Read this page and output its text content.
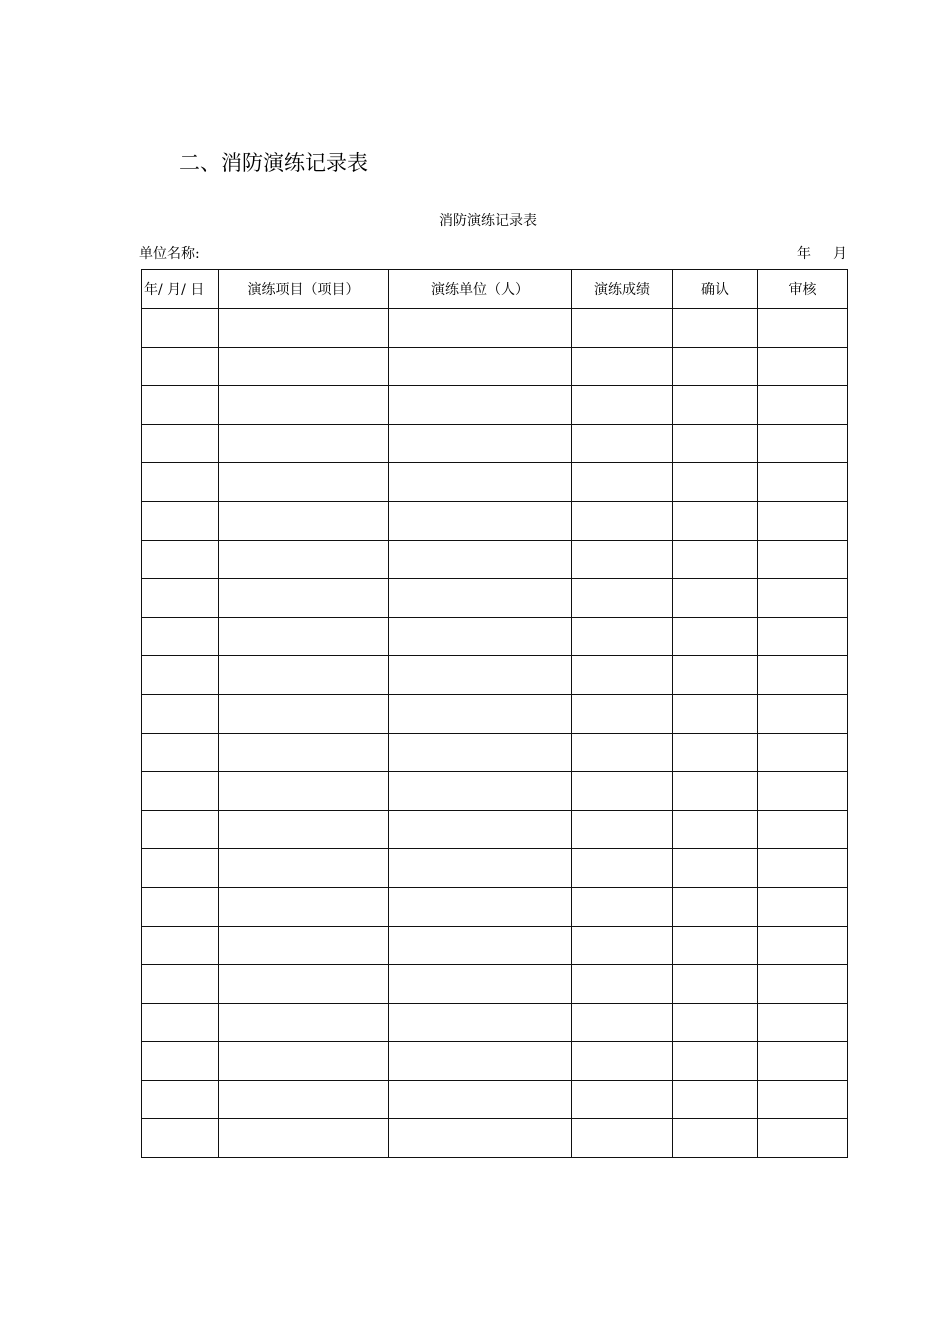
二、消防演练记录表
消防演练记录表
单位名称:	年 月
年/ 月/ 日	演练项目（项目）	演练单位（人）	演练成绩	确认	审核
